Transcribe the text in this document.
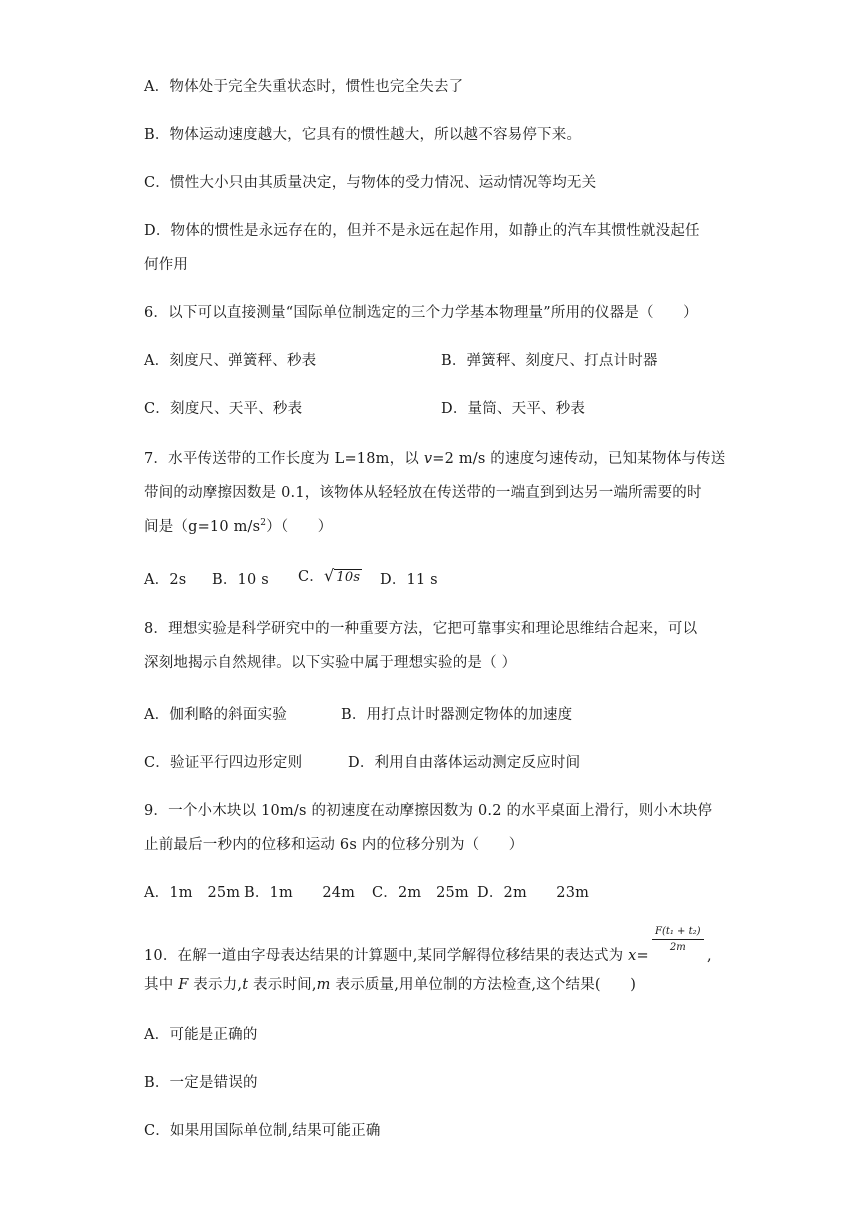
A．物体处于完全失重状态时，惯性也完全失去了
B．物体运动速度越大，它具有的惯性越大，所以越不容易停下来。
C．惯性大小只由其质量决定，与物体的受力情况、运动情况等均无关
D．物体的惯性是永远存在的，但并不是永远在起作用，如静止的汽车其惯性就没起任
何作用
6．以下可以直接测量“国际单位制选定的三个力学基本物理量”所用的仪器是（　　）
A．刻度尺、弹簧秤、秒表	B．弹簧秤、刻度尺、打点计时器
C．刻度尺、天平、秒表	D．量筒、天平、秒表
7．水平传送带的工作长度为 L=18m，以 v=2 m/s 的速度匀速传动，已知某物体与传送
带间的动摩擦因数是 0.1，该物体从轻轻放在传送带的一端直到到达另一端所需要的时
间是（g=10 $m/s^2$）（　　）
A．2s B．10 s C．√ 10s D．11 s
8．理想实验是科学研究中的一种重要方法，它把可靠事实和理论思维结合起来，可以
深刻地揭示自然规律。以下实验中属于理想实验的是（ ）
A．伽利略的斜面实验	B．用打点计时器测定物体的加速度
C．验证平行四边形定则	D．利用自由落体运动测定反应时间
9．一个小木块以 10m/s 的初速度在动摩擦因数为 0.2 的水平桌面上滑行，则小木块停
止前最后一秒内的位移和运动 6s 内的位移分别为（　　）
A．1m　25m B．1m　　24m C．2m　25m D．2m　　23m
10．在解一道由字母表达结果的计算题中,某同学解得位移结果的表达式为 x=
$\frac{\text{F(t₁ + t₂)}}{2m}$
,
其中 F 表示力,t 表示时间,m 表示质量,用单位制的方法检查,这个结果(　　)
A．可能是正确的
B．一定是错误的
C．如果用国际单位制,结果可能正确
